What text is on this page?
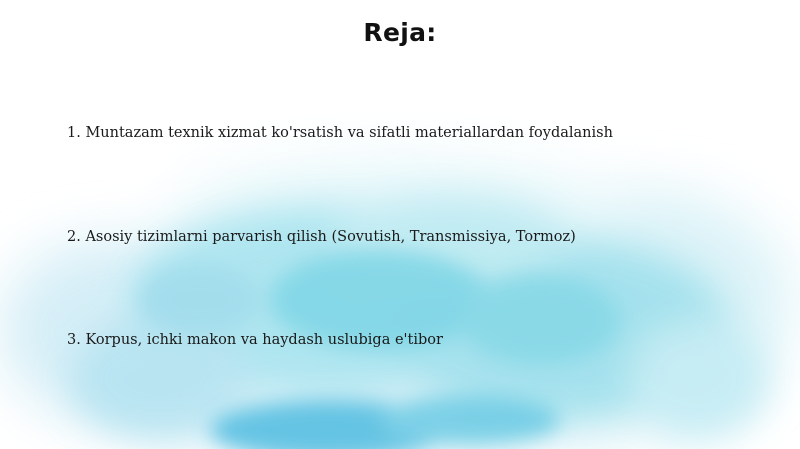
Reja:
1. Muntazam texnik xizmat ko'rsatish va sifatli materiallardan foydalanish
2. Asosiy tizimlarni parvarish qilish (Sovutish, Transmissiya, Tormoz)
3. Korpus, ichki makon va haydash uslubiga e'tibor
